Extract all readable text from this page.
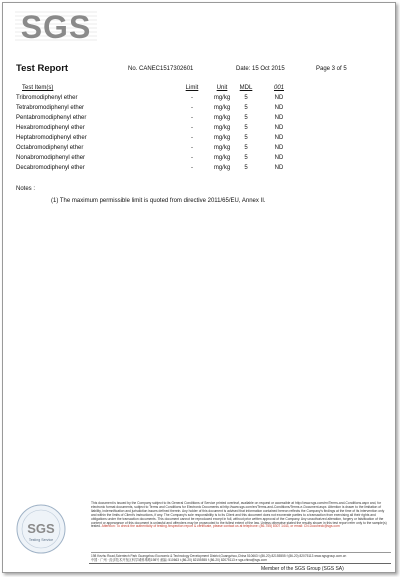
SGS
Test Report	No. CANEC1517302601	Date: 15 Oct 2015	Page 3 of 5
Test Item(s)	Limit	Unit	MDL	001
Tribromodiphenyl ether	-	mg/kg	5	ND
Tetrabromodiphenyl ether	-	mg/kg	5	ND
Pentabromodiphenyl ether	-	mg/kg	5	ND
Hexabromodiphenyl ether	-	mg/kg	5	ND
Heptabromodiphenyl ether	-	mg/kg	5	ND
Octabromodiphenyl ether	-	mg/kg	5	ND
Nonabromodiphenyl ether	-	mg/kg	5	ND
Decabromodiphenyl ether	-	mg/kg	5	ND
Notes :
(1) The maximum permissible limit is quoted from directive 2011/65/EU, Annex II.
SGS
Testing Service
This document is issued by the Company subject to its General Conditions of Service printed overleaf, available on request or accessible at http://www.sgs.com/en/Terms-and-Conditions.aspx and, for electronic format documents, subject to Terms and Conditions for Electronic Documents at http://www.sgs.com/en/Terms-and-Conditions/Terms-e-Document.aspx. Attention is drawn to the limitation of liability, indemnification and jurisdiction issues defined therein. Any holder of this document is advised that information contained hereon reflects the Company's findings at the time of its intervention only and within the limits of Client's instructions, if any. The Company's sole responsibility is to its Client and this document does not exonerate parties to a transaction from exercising all their rights and obligations under the transaction documents. This document cannot be reproduced except in full, without prior written approval of the Company. Any unauthorized alteration, forgery or falsification of the content or appearance of this document is unlawful and offenders may be prosecuted to the fullest extent of the law. Unless otherwise stated the results shown in this test report refer only to the sample(s) tested. Attention: To check the authenticity of testing /inspection report & certificate, please contact us at telephone: (86-755) 8307 1443, or email: CN.Doccheck@sgs.com
198 Kezhu Road,Scientech Park Guangzhou Economic & Technology Development District,Guangzhou,China 510663 t (86-20) 82155555 f (86-20) 82075113 www.sgsgroup.com.cn
中国 · 广州 · 经济技术开发区科学城科珠路198号 邮编: 510663 t (86-20) 82155555 f (86-20) 82075113 e sgs.china@sgs.com
Member of the SGS Group (SGS SA)
